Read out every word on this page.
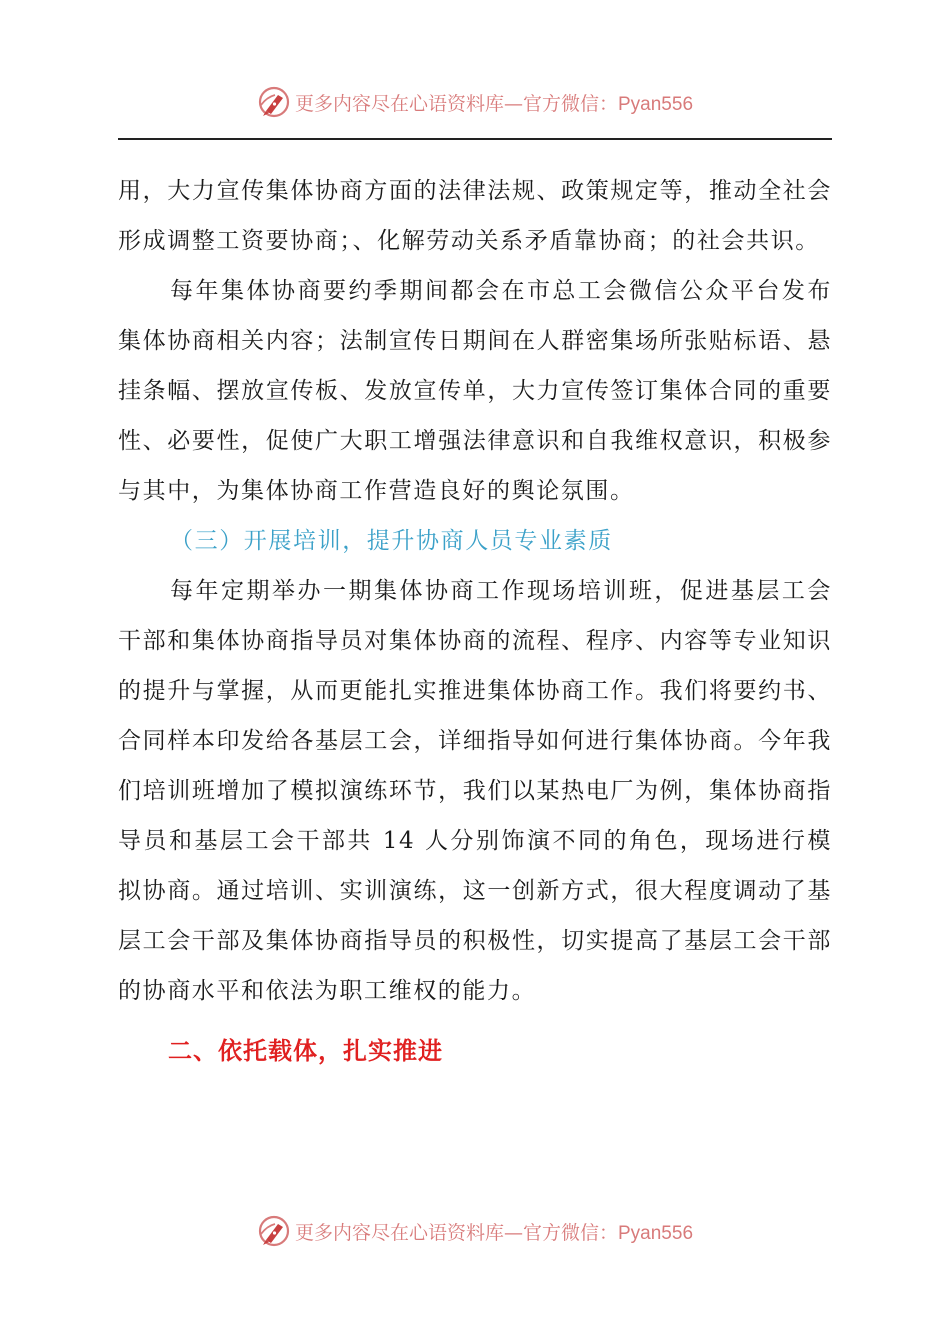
更多内容尽在心语资料库—官方微信：Pyan556

用，大力宣传集体协商方面的法律法规、政策规定等，推动全社会形成调整工资要协商；、化解劳动关系矛盾靠协商；的社会共识。

每年集体协商要约季期间都会在市总工会微信公众平台发布集体协商相关内容；法制宣传日期间在人群密集场所张贴标语、悬挂条幅、摆放宣传板、发放宣传单，大力宣传签订集体合同的重要性、必要性，促使广大职工增强法律意识和自我维权意识，积极参与其中，为集体协商工作营造良好的舆论氛围。

（三）开展培训，提升协商人员专业素质

每年定期举办一期集体协商工作现场培训班，促进基层工会干部和集体协商指导员对集体协商的流程、程序、内容等专业知识的提升与掌握，从而更能扎实推进集体协商工作。我们将要约书、合同样本印发给各基层工会，详细指导如何进行集体协商。今年我们培训班增加了模拟演练环节，我们以某热电厂为例，集体协商指导员和基层工会干部共 14 人分别饰演不同的角色，现场进行模拟协商。通过培训、实训演练，这一创新方式，很大程度调动了基层工会干部及集体协商指导员的积极性，切实提高了基层工会干部的协商水平和依法为职工维权的能力。

二、依托载体，扎实推进

更多内容尽在心语资料库—官方微信：Pyan556
